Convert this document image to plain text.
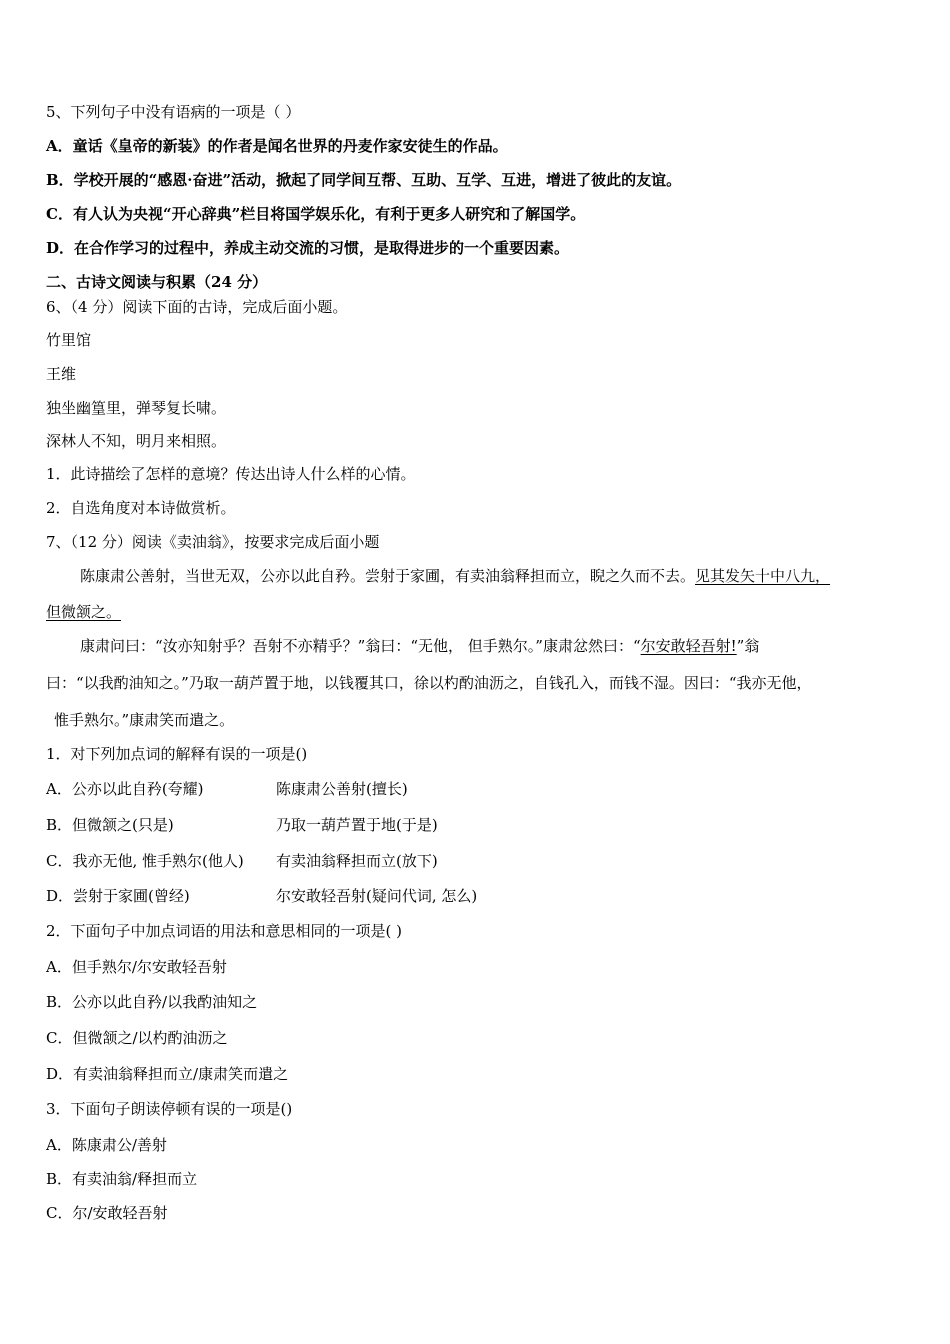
5、下列句子中没有语病的一项是（ ）
A．童话《皇帝的新装》的作者是闻名世界的丹麦作家安徒生的作品。
B．学校开展的“感恩·奋进”活动，掀起了同学间互帮、互助、互学、互进，增进了彼此的友谊。
C．有人认为央视“开心辞典”栏目将国学娱乐化，有利于更多人研究和了解国学。
D．在合作学习的过程中，养成主动交流的习惯，是取得进步的一个重要因素。
二、古诗文阅读与积累（24 分）
6、（4 分）阅读下面的古诗，完成后面小题。
竹里馆
王维
独坐幽篁里，弹琴复长啸。
深林人不知，明月来相照。
1．此诗描绘了怎样的意境？传达出诗人什么样的心情。
2．自选角度对本诗做赏析。
7、（12 分）阅读《卖油翁》，按要求完成后面小题
陈康肃公善射，当世无双，公亦以此自矜。尝射于家圃，有卖油翁释担而立，睨之久而不去。见其发矢十中八九，
但微颔之。
康肃问曰：“汝亦知射乎？吾射不亦精乎？”翁曰：“无他， 但手熟尔。”康肃忿然曰：“尔安敢轻吾射!”翁
曰：“以我酌油知之。”乃取一葫芦置于地，以钱覆其口，徐以杓酌油沥之，自钱孔入，而钱不湿。因曰：“我亦无他，
惟手熟尔。”康肃笑而遣之。
1．对下列加点词的解释有误的一项是()
A．公亦以此自矜(夸耀)	陈康肃公善射(擅长)
B．但微颔之(只是)	乃取一葫芦置于地(于是)
C．我亦无他, 惟手熟尔(他人) 有卖油翁释担而立(放下)
D．尝射于家圃(曾经)	尔安敢轻吾射(疑问代词, 怎么)
2．下面句子中加点词语的用法和意思相同的一项是( )
A．但手熟尔/尔安敢轻吾射
B．公亦以此自矜/以我酌油知之
C．但微颔之/以杓酌油沥之
D．有卖油翁释担而立/康肃笑而遣之
3．下面句子朗读停顿有误的一项是()
A．陈康肃公/善射
B．有卖油翁/释担而立
C．尔/安敢轻吾射
